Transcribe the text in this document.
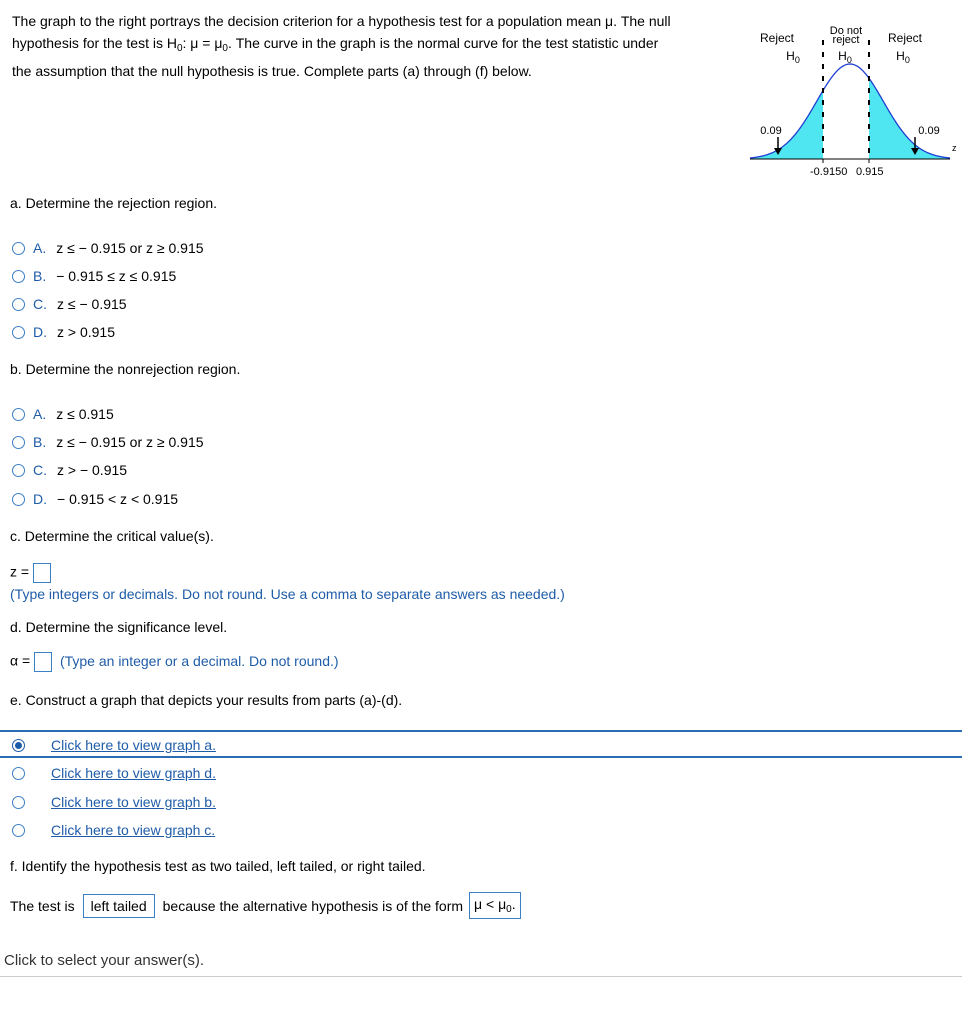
The graph to the right portrays the decision criterion for a hypothesis test for a population mean μ. The null
hypothesis for the test is $H_0$: $\mu = \mu_0$. The curve in the graph is the normal curve for the test statistic under
the assumption that the null hypothesis is true. Complete parts (a) through (f) below.
Reject
$H_0$
Do not
reject
$H_0$
Reject
$H_0$
0.09	0.09
-0.9150 0.915
z
a. Determine the rejection region.
A. z ≤ − 0.915 or z ≥ 0.915
B. − 0.915 ≤ z ≤ 0.915
C. z ≤ − 0.915
D. z > 0.915
b. Determine the nonrejection region.
A. z ≤ 0.915
B. z ≤ − 0.915 or z ≥ 0.915
C. z > − 0.915
D. − 0.915 < z < 0.915
c. Determine the critical value(s).
z =
(Type integers or decimals. Do not round. Use a comma to separate answers as needed.)
d. Determine the significance level.
α = (Type an integer or a decimal. Do not round.)
e. Construct a graph that depicts your results from parts (a)-(d).
Click here to view graph a.
Click here to view graph d.
Click here to view graph b.
Click here to view graph c.
f. Identify the hypothesis test as two tailed, left tailed, or right tailed.
The test is	left tailed	because the alternative hypothesis is of the form $\mu < \mu_0$.
Click to select your answer(s).
